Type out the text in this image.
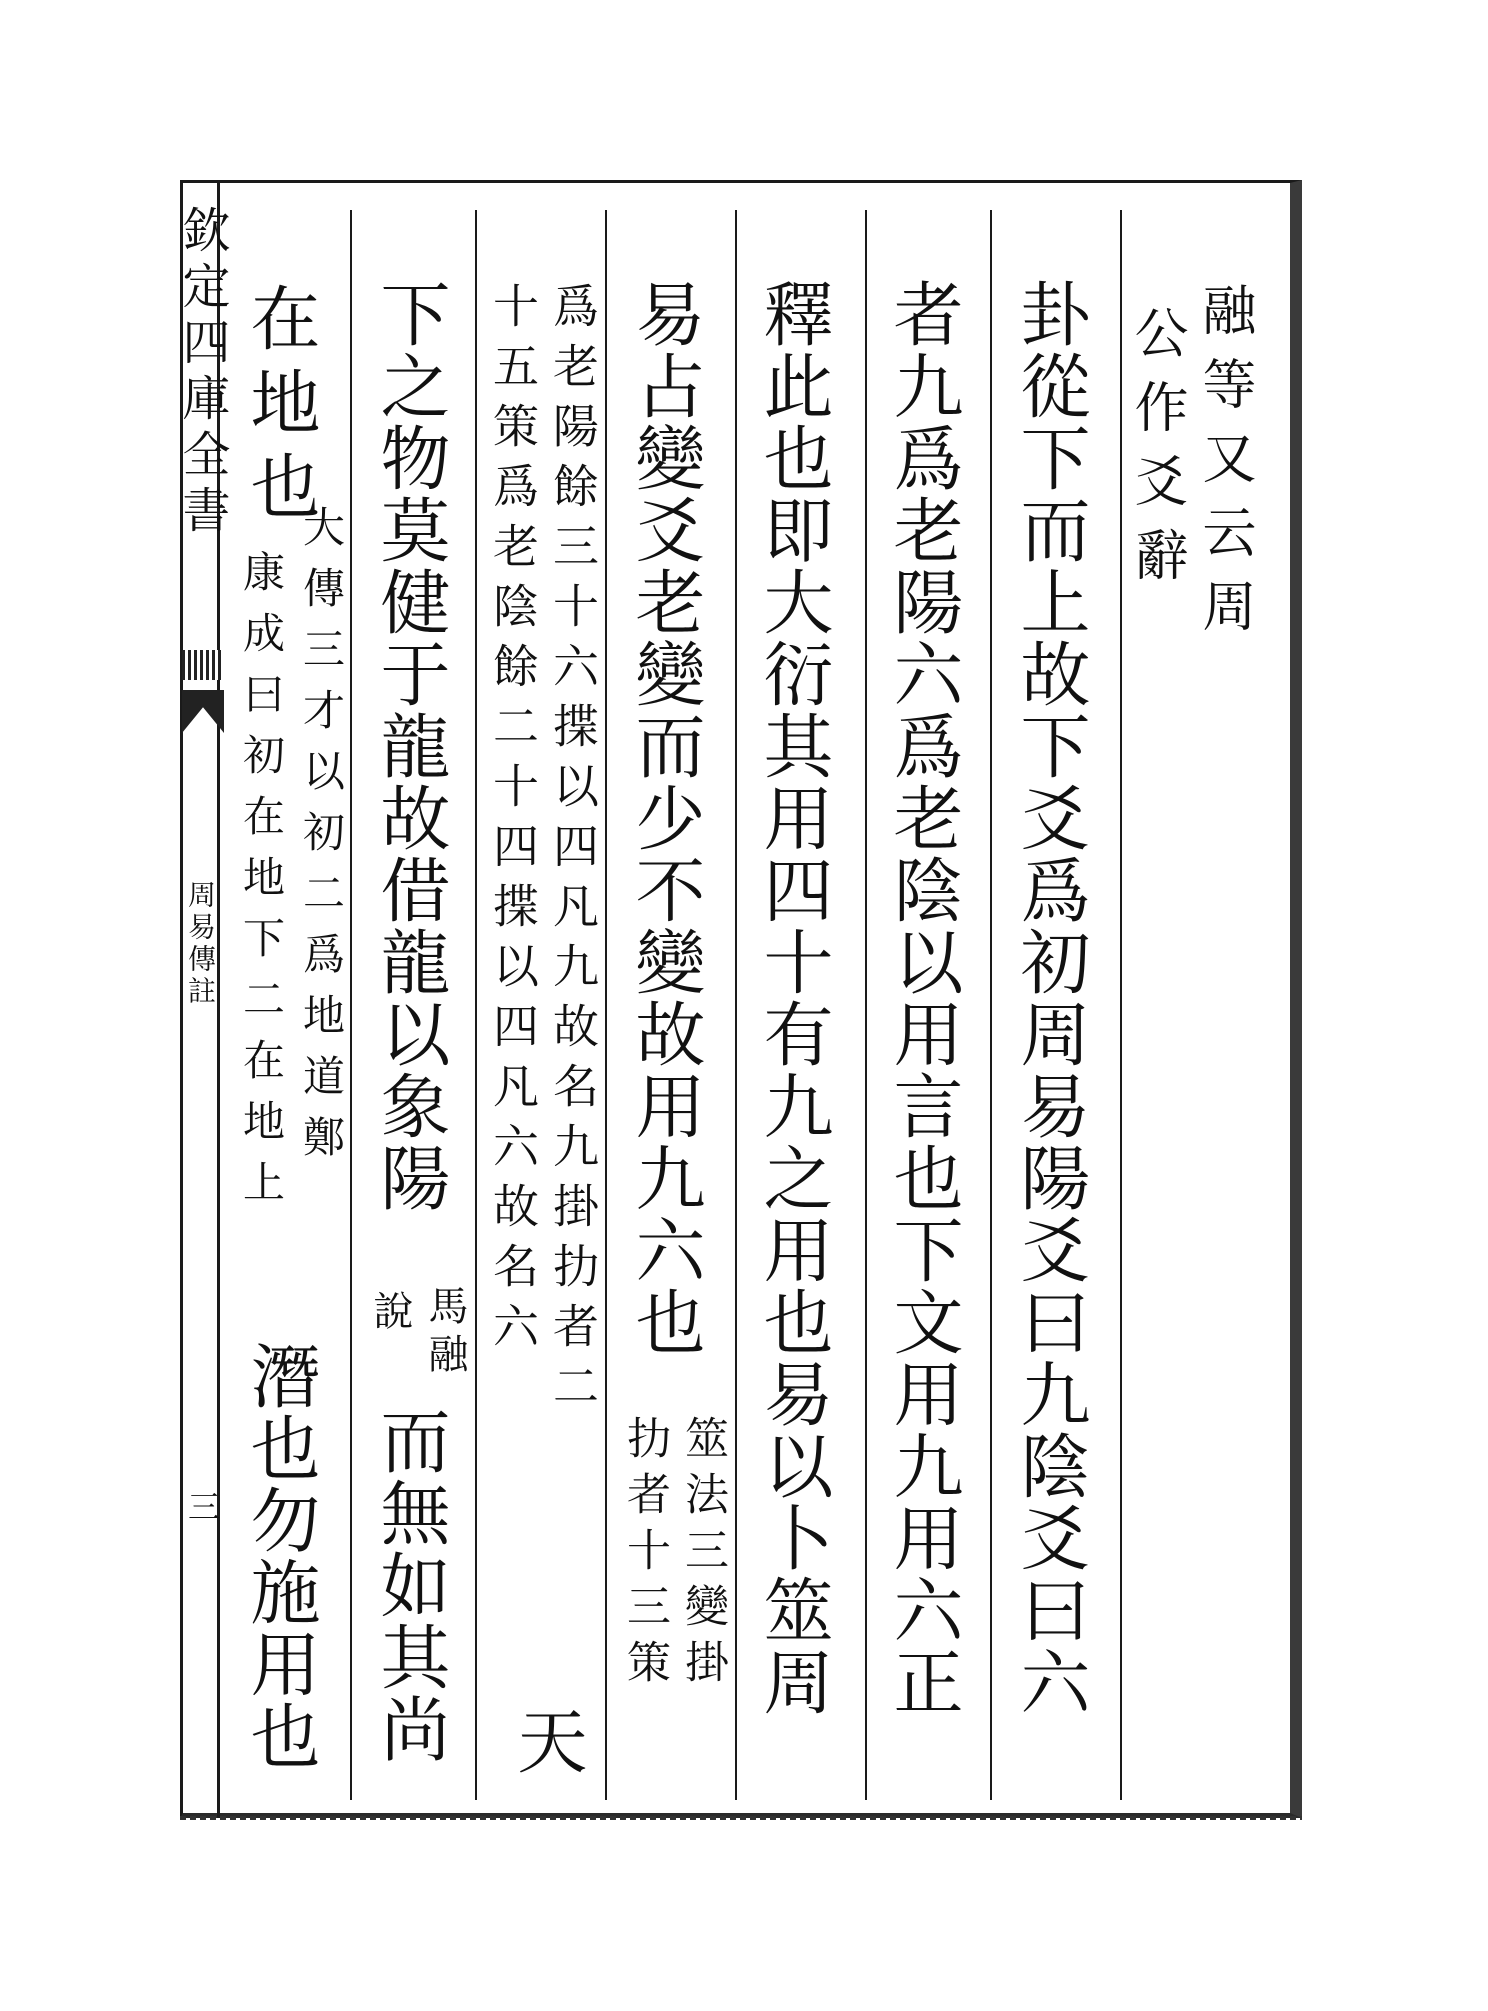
欽定四庫全書
周易傳註
三
融等又云周
公作爻辭
卦從下而上故下爻爲初周易陽爻曰九陰爻曰六
者九爲老陽六爲老陰以用言也下文用九用六正
釋此也即大衍其用四十有九之用也易以卜筮周
易占變爻老變而少不變故用九六也
筮法三變掛
扐者十三策
爲老陽餘三十六揲以四凡九故名九掛扐者二
十五策爲老陰餘二十四揲以四凡六故名六
天
下之物莫健于龍故借龍以象陽
馬融
說
而無如其尚
在地也
大傳三才以初二爲地道鄭
康成曰初在地下二在地上
潛也勿施用也
